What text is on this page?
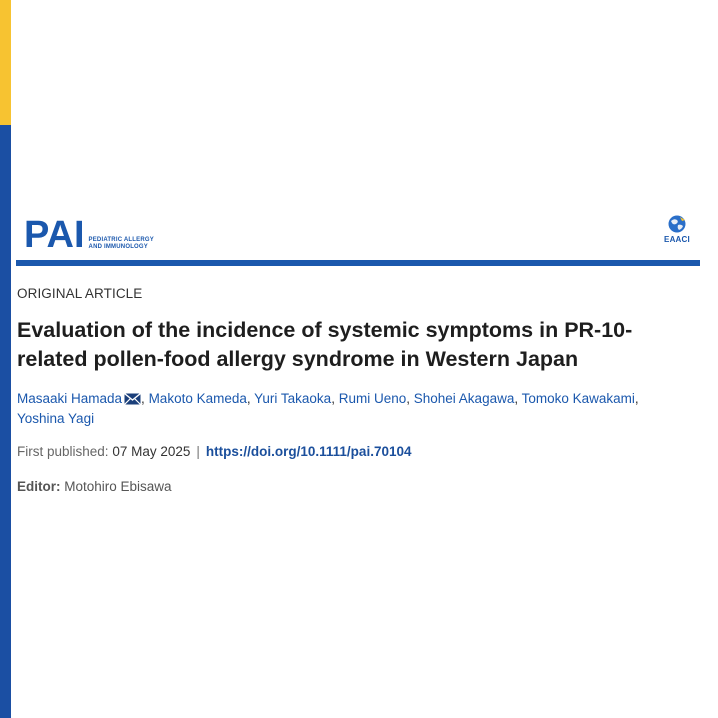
PAI PEDIATRIC ALLERGY
AND IMMUNOLOGY
EAACI
ORIGINAL ARTICLE
Evaluation of the incidence of systemic symptoms in PR-10-related pollen-food allergy syndrome in Western Japan
Masaaki Hamada , Makoto Kameda, Yuri Takaoka, Rumi Ueno, Shohei Akagawa, Tomoko Kawakami, Yoshina Yagi
First published: 07 May 2025 | https://doi.org/10.1111/pai.70104
Editor: Motohiro Ebisawa
